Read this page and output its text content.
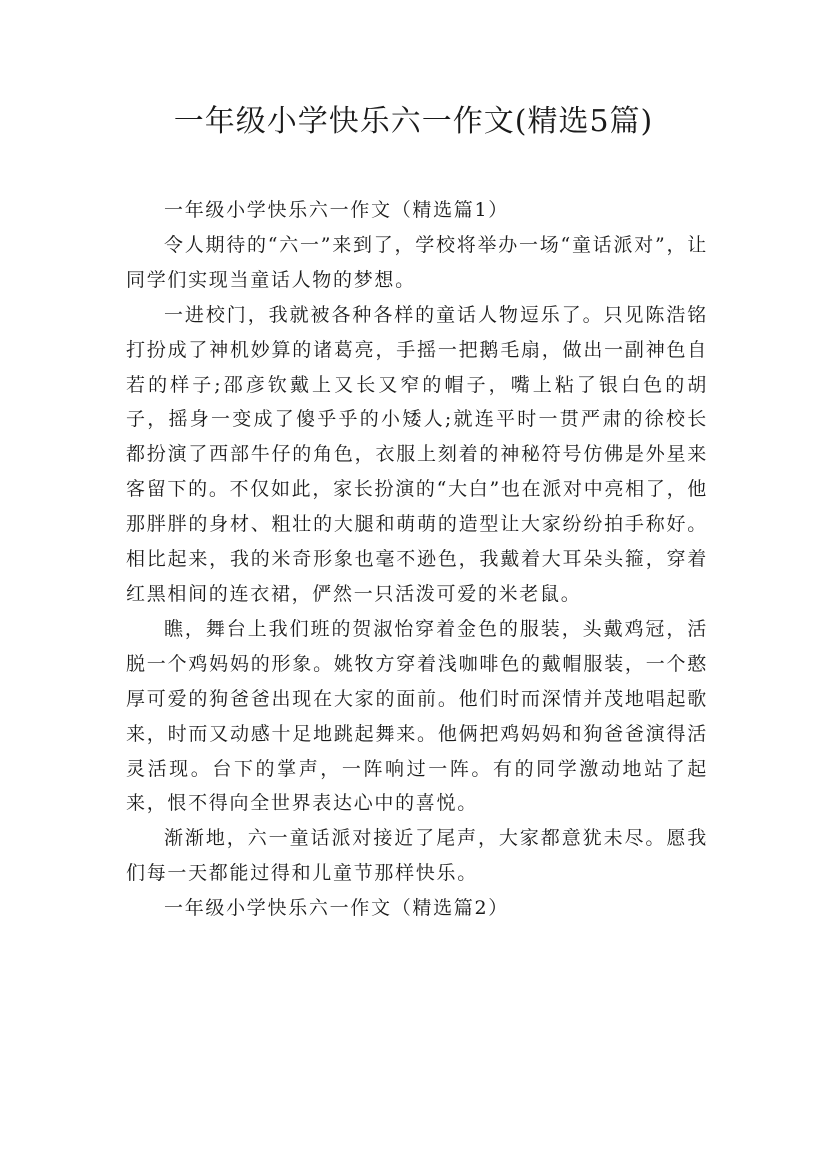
一年级小学快乐六一作文(精选5篇)

一年级小学快乐六一作文（精选篇1）

令人期待的“六一”来到了，学校将举办一场“童话派对”，让同学们实现当童话人物的梦想。

一进校门，我就被各种各样的童话人物逗乐了。只见陈浩铭打扮成了神机妙算的诸葛亮，手摇一把鹅毛扇，做出一副神色自若的样子;邵彦钦戴上又长又窄的帽子，嘴上粘了银白色的胡子，摇身一变成了傻乎乎的小矮人;就连平时一贯严肃的徐校长都扮演了西部牛仔的角色，衣服上刻着的神秘符号仿佛是外星来客留下的。不仅如此，家长扮演的“大白”也在派对中亮相了，他那胖胖的身材、粗壮的大腿和萌萌的造型让大家纷纷拍手称好。相比起来，我的米奇形象也毫不逊色，我戴着大耳朵头箍，穿着红黑相间的连衣裙，俨然一只活泼可爱的米老鼠。

瞧，舞台上我们班的贺淑怡穿着金色的服装，头戴鸡冠，活脱一个鸡妈妈的形象。姚牧方穿着浅咖啡色的戴帽服装，一个憨厚可爱的狗爸爸出现在大家的面前。他们时而深情并茂地唱起歌来，时而又动感十足地跳起舞来。他俩把鸡妈妈和狗爸爸演得活灵活现。台下的掌声，一阵响过一阵。有的同学激动地站了起来，恨不得向全世界表达心中的喜悦。

渐渐地，六一童话派对接近了尾声，大家都意犹未尽。愿我们每一天都能过得和儿童节那样快乐。

一年级小学快乐六一作文（精选篇2）
